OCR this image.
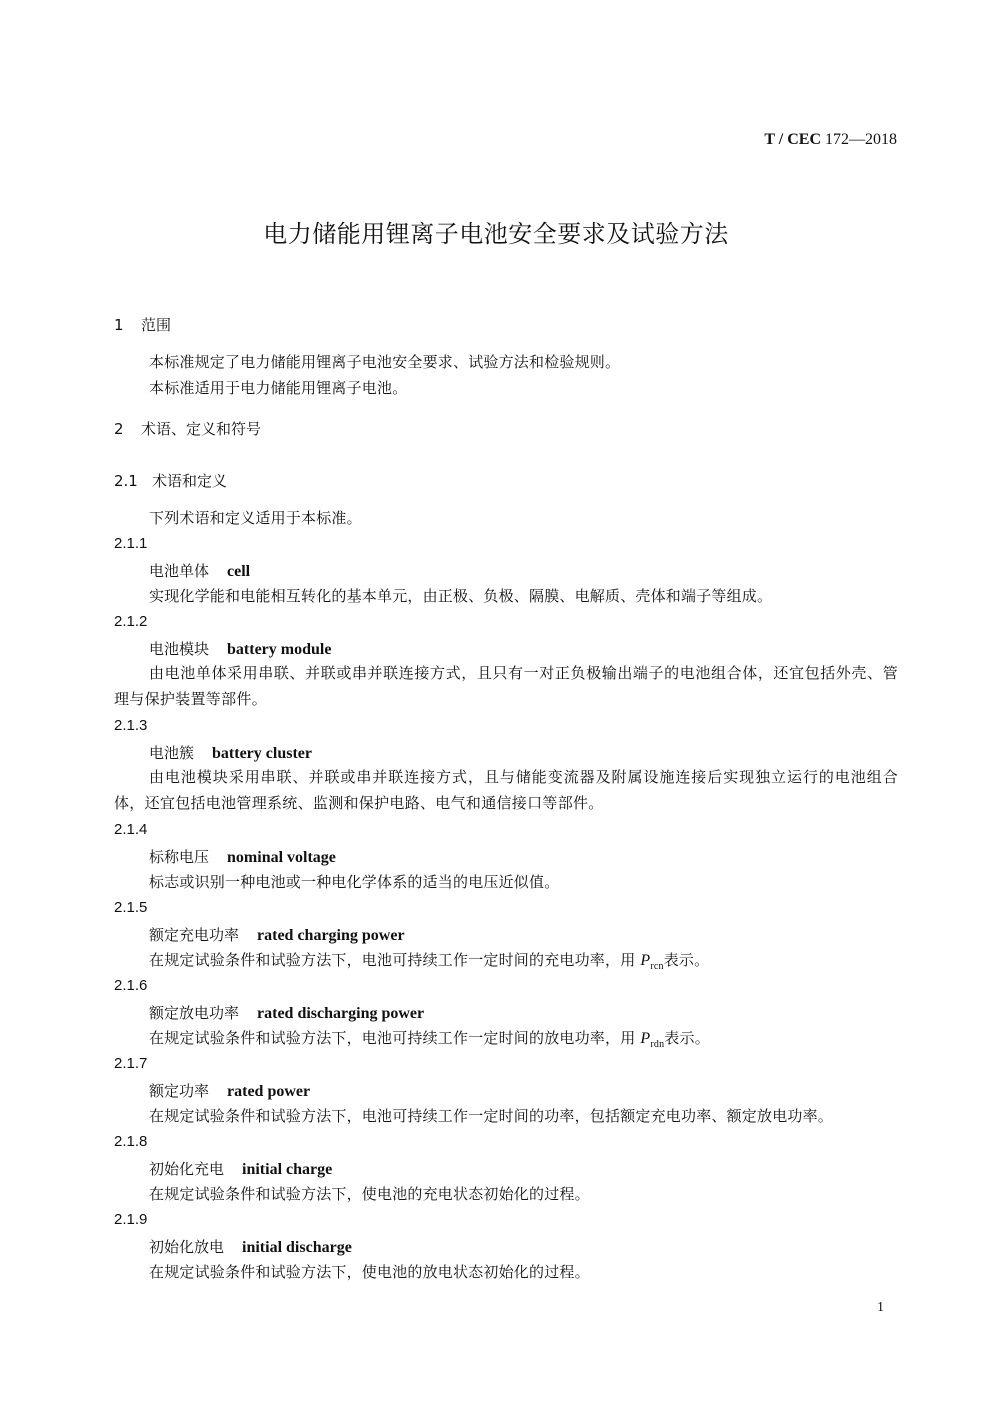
T / CEC 172—2018
电力储能用锂离子电池安全要求及试验方法
1 范围
本标准规定了电力储能用锂离子电池安全要求、试验方法和检验规则。
本标准适用于电力储能用锂离子电池。
2 术语、定义和符号
2.1 术语和定义
下列术语和定义适用于本标准。
2.1.1
电池单体 cell
实现化学能和电能相互转化的基本单元，由正极、负极、隔膜、电解质、壳体和端子等组成。
2.1.2
电池模块 battery module
由电池单体采用串联、并联或串并联连接方式，且只有一对正负极输出端子的电池组合体，还宜包括外壳、管理与保护装置等部件。
2.1.3
电池簇 battery cluster
由电池模块采用串联、并联或串并联连接方式，且与储能变流器及附属设施连接后实现独立运行的电池组合体，还宜包括电池管理系统、监测和保护电路、电气和通信接口等部件。
2.1.4
标称电压 nominal voltage
标志或识别一种电池或一种电化学体系的适当的电压近似值。
2.1.5
额定充电功率 rated charging power
在规定试验条件和试验方法下，电池可持续工作一定时间的充电功率，用 $P_{rcn}$表示。
2.1.6
额定放电功率 rated discharging power
在规定试验条件和试验方法下，电池可持续工作一定时间的放电功率，用 $P_{rdn}$表示。
2.1.7
额定功率 rated power
在规定试验条件和试验方法下，电池可持续工作一定时间的功率，包括额定充电功率、额定放电功率。
2.1.8
初始化充电 initial charge
在规定试验条件和试验方法下，使电池的充电状态初始化的过程。
2.1.9
初始化放电 initial discharge
在规定试验条件和试验方法下，使电池的放电状态初始化的过程。
1
